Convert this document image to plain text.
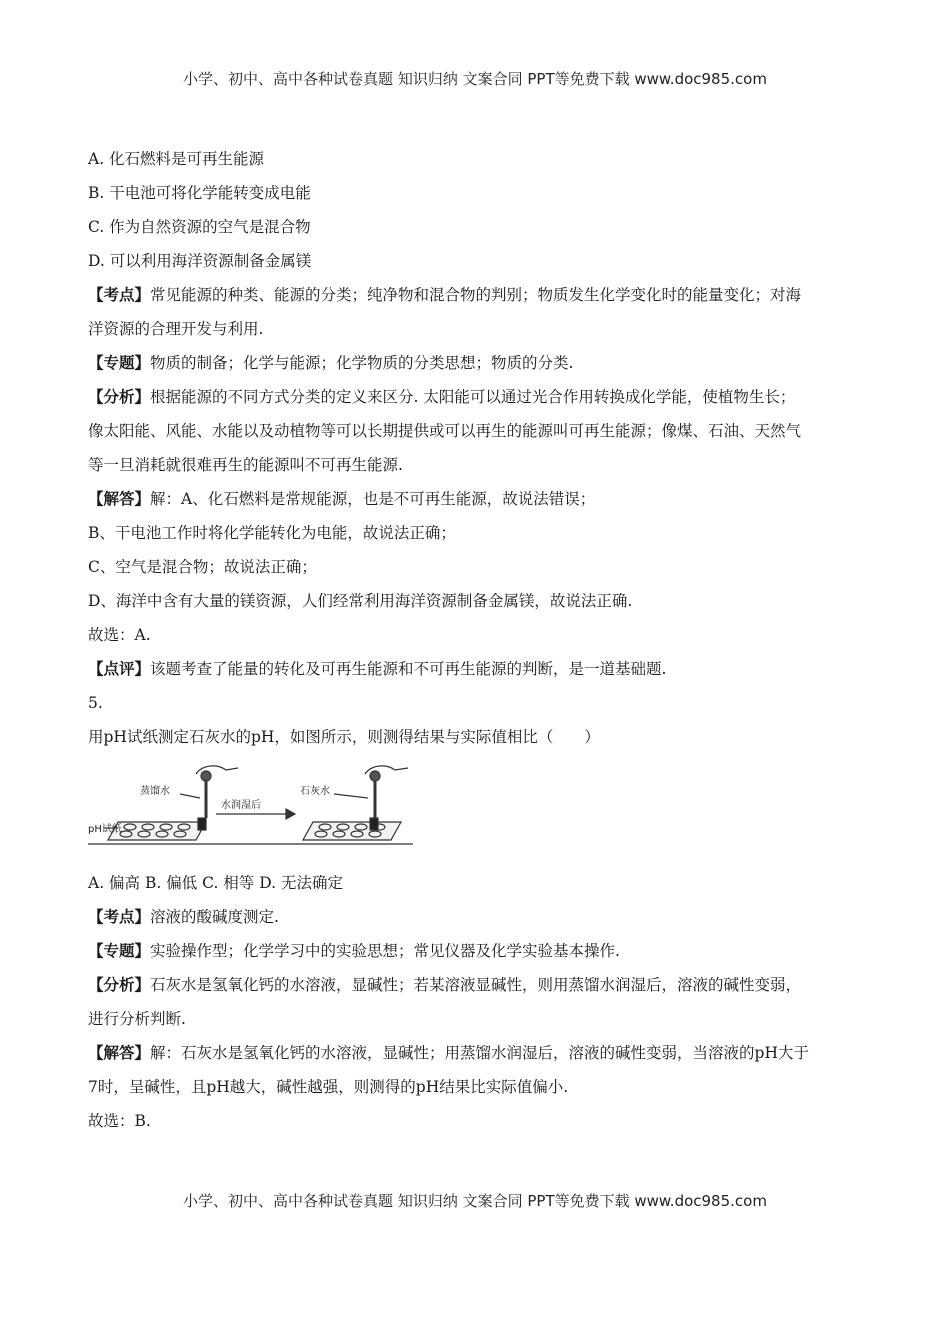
小学、初中、高中各种试卷真题 知识归纳 文案合同 PPT等免费下载 www.doc985.com
A. 化石燃料是可再生能源
B. 干电池可将化学能转变成电能
C. 作为自然资源的空气是混合物
D. 可以利用海洋资源制备金属镁
【考点】常见能源的种类、能源的分类；纯净物和混合物的判别；物质发生化学变化时的能量变化；对海
洋资源的合理开发与利用.
【专题】物质的制备；化学与能源；化学物质的分类思想；物质的分类.
【分析】根据能源的不同方式分类的定义来区分. 太阳能可以通过光合作用转换成化学能，使植物生长；
像太阳能、风能、水能以及动植物等可以长期提供或可以再生的能源叫可再生能源；像煤、石油、天然气
等一旦消耗就很难再生的能源叫不可再生能源.
【解答】解：A、化石燃料是常规能源，也是不可再生能源，故说法错误；
B、干电池工作时将化学能转化为电能，故说法正确；
C、空气是混合物；故说法正确；
D、海洋中含有大量的镁资源，人们经常利用海洋资源制备金属镁，故说法正确.
故选：A.
【点评】该题考查了能量的转化及可再生能源和不可再生能源的判断，是一道基础题.
5.
用pH试纸测定石灰水的pH，如图所示，则测得结果与实际值相比（　　）
蒸馏水
pH试纸
水润湿后
石灰水
A. 偏高 B. 偏低 C. 相等 D. 无法确定
【考点】溶液的酸碱度测定.
【专题】实验操作型；化学学习中的实验思想；常见仪器及化学实验基本操作.
【分析】石灰水是氢氧化钙的水溶液，显碱性；若某溶液显碱性，则用蒸馏水润湿后，溶液的碱性变弱，
进行分析判断.
【解答】解：石灰水是氢氧化钙的水溶液，显碱性；用蒸馏水润湿后，溶液的碱性变弱，当溶液的pH大于
7时，呈碱性，且pH越大，碱性越强，则测得的pH结果比实际值偏小.
故选：B.
小学、初中、高中各种试卷真题 知识归纳 文案合同 PPT等免费下载 www.doc985.com
